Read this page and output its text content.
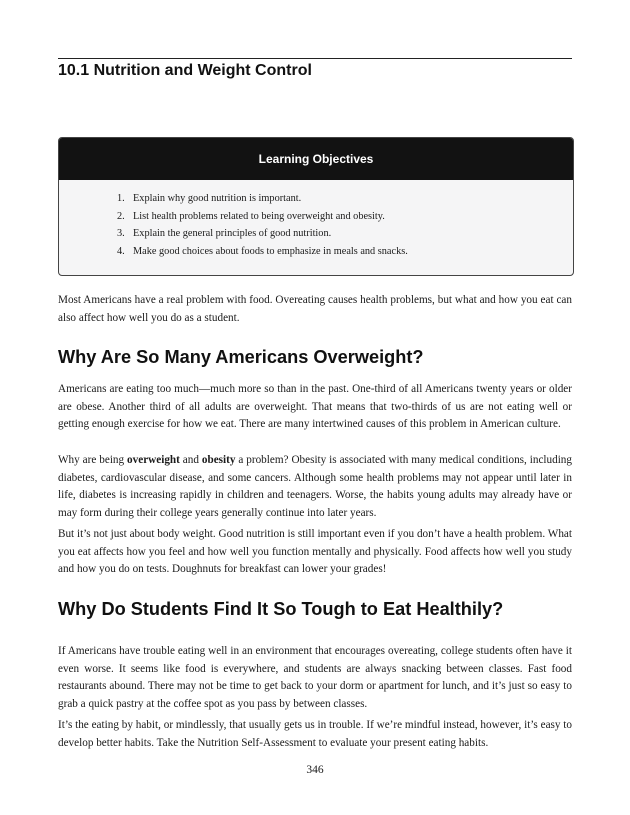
10.1 Nutrition and Weight Control
Learning Objectives
1. Explain why good nutrition is important.
2. List health problems related to being overweight and obesity.
3. Explain the general principles of good nutrition.
4. Make good choices about foods to emphasize in meals and snacks.

Most Americans have a real problem with food. Overeating causes health problems, but what and how you eat can also affect how well you do as a student.

Why Are So Many Americans Overweight?

Americans are eating too much—much more so than in the past. One-third of all Americans twenty years or older are obese. Another third of all adults are overweight. That means that two-thirds of us are not eating well or getting enough exercise for how we eat. There are many intertwined causes of this problem in American culture.

Why are being overweight and obesity a problem? Obesity is associated with many medical conditions, including diabetes, cardiovascular disease, and some cancers. Although some health problems may not appear until later in life, diabetes is increasing rapidly in children and teenagers. Worse, the habits young adults may already have or may form during their college years generally continue into later years.

But it’s not just about body weight. Good nutrition is still important even if you don’t have a health problem. What you eat affects how you feel and how well you function mentally and physically. Food affects how well you study and how you do on tests. Doughnuts for breakfast can lower your grades!

Why Do Students Find It So Tough to Eat Healthily?

If Americans have trouble eating well in an environment that encourages overeating, college students often have it even worse. It seems like food is everywhere, and students are always snacking between classes. Fast food restaurants abound. There may not be time to get back to your dorm or apartment for lunch, and it’s just so easy to grab a quick pastry at the coffee spot as you pass by between classes.

It’s the eating by habit, or mindlessly, that usually gets us in trouble. If we’re mindful instead, however, it’s easy to develop better habits. Take the Nutrition Self-Assessment to evaluate your present eating habits.

346
